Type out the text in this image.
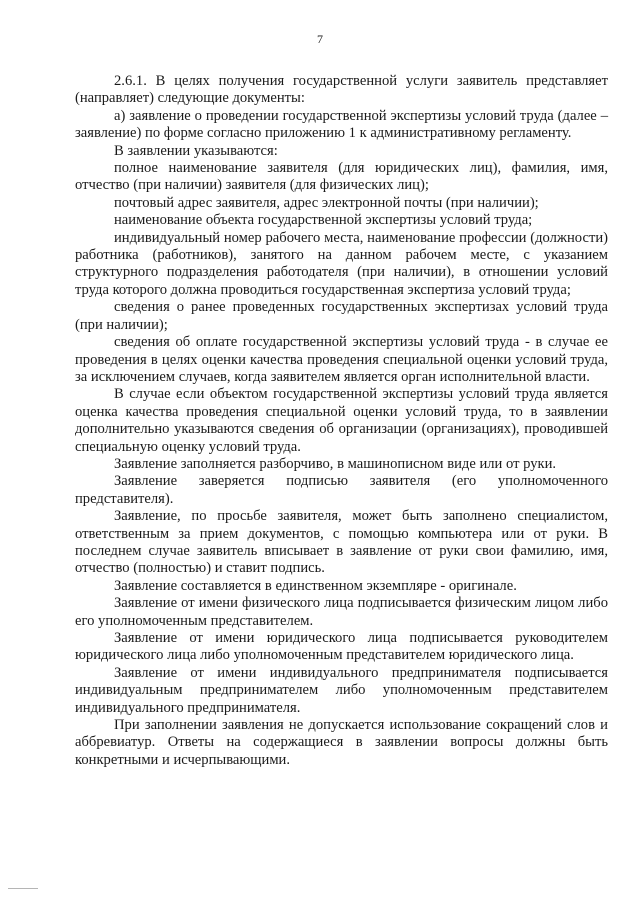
7

2.6.1. В целях получения государственной услуги заявитель представляет (направляет) следующие документы:

а) заявление о проведении государственной экспертизы условий труда (далее – заявление) по форме согласно приложению 1 к административному регламенту.

В заявлении указываются:

полное наименование заявителя (для юридических лиц), фамилия, имя, отчество (при наличии) заявителя (для физических лиц);

почтовый адрес заявителя, адрес электронной почты (при наличии);

наименование объекта государственной экспертизы условий труда;

индивидуальный номер рабочего места, наименование профессии (должности) работника (работников), занятого на данном рабочем месте, с указанием структурного подразделения работодателя (при наличии), в отношении условий труда которого должна проводиться государственная экспертиза условий труда;

сведения о ранее проведенных государственных экспертизах условий труда (при наличии);

сведения об оплате государственной экспертизы условий труда - в случае ее проведения в целях оценки качества проведения специальной оценки условий труда, за исключением случаев, когда заявителем является орган исполнительной власти.

В случае если объектом государственной экспертизы условий труда является оценка качества проведения специальной оценки условий труда, то в заявлении дополнительно указываются сведения об организации (организациях), проводившей специальную оценку условий труда.

Заявление заполняется разборчиво, в машинописном виде или от руки.

Заявление заверяется подписью заявителя (его уполномоченного представителя).

Заявление, по просьбе заявителя, может быть заполнено специалистом, ответственным за прием документов, с помощью компьютера или от руки. В последнем случае заявитель вписывает в заявление от руки свои фамилию, имя, отчество (полностью) и ставит подпись.

Заявление составляется в единственном экземпляре - оригинале.

Заявление от имени физического лица подписывается физическим лицом либо его уполномоченным представителем.

Заявление от имени юридического лица подписывается руководителем юридического лица либо уполномоченным представителем юридического лица.

Заявление от имени индивидуального предпринимателя подписывается индивидуальным предпринимателем либо уполномоченным представителем индивидуального предпринимателя.

При заполнении заявления не допускается использование сокращений слов и аббревиатур. Ответы на содержащиеся в заявлении вопросы должны быть конкретными и исчерпывающими.
